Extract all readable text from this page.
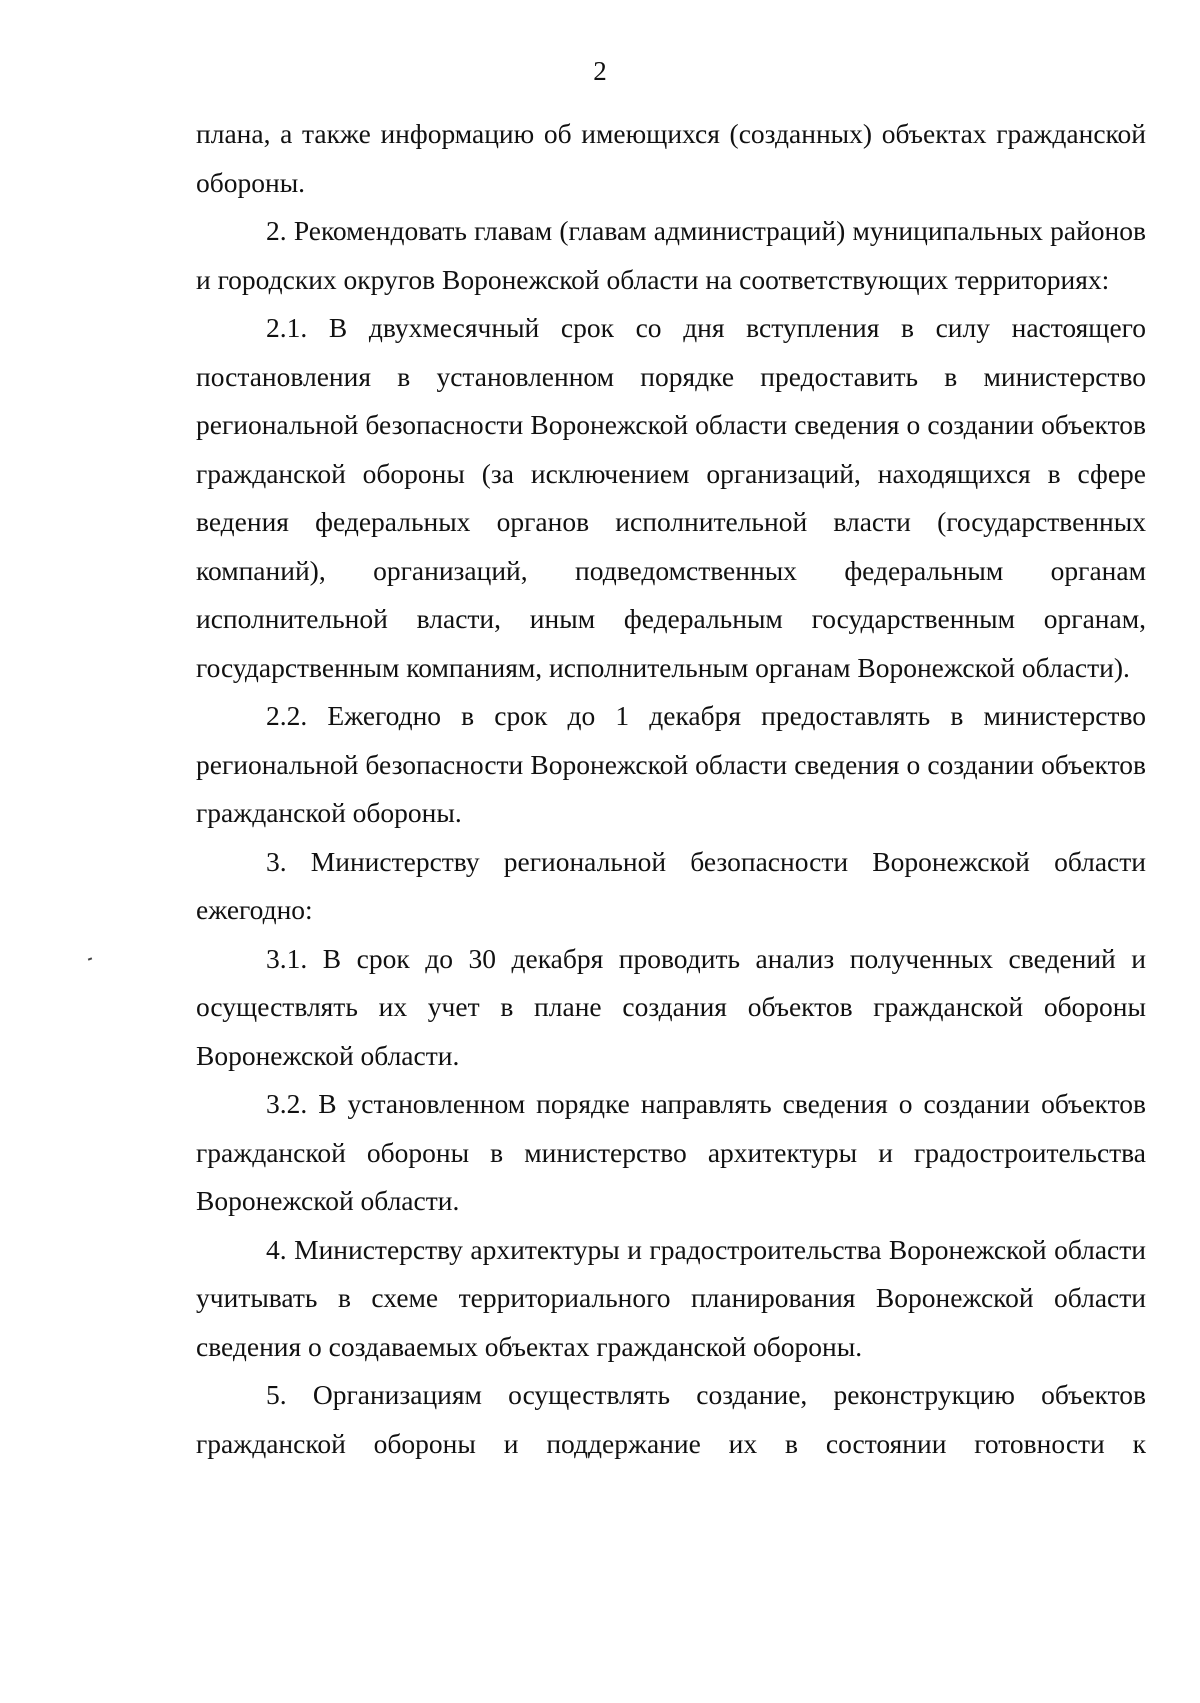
2

плана, а также информацию об имеющихся (созданных) объектах гражданской обороны.

2. Рекомендовать главам (главам администраций) муниципальных районов и городских округов Воронежской области на соответствующих территориях:

2.1. В двухмесячный срок со дня вступления в силу настоящего постановления в установленном порядке предоставить в министерство региональной безопасности Воронежской области сведения о создании объектов гражданской обороны (за исключением организаций, находящихся в сфере ведения федеральных органов исполнительной власти (государственных компаний), организаций, подведомственных федеральным органам исполнительной власти, иным федеральным государственным органам, государственным компаниям, исполнительным органам Воронежской области).

2.2. Ежегодно в срок до 1 декабря предоставлять в министерство региональной безопасности Воронежской области сведения о создании объектов гражданской обороны.

3. Министерству региональной безопасности Воронежской области ежегодно:

3.1. В срок до 30 декабря проводить анализ полученных сведений и осуществлять их учет в плане создания объектов гражданской обороны Воронежской области.

3.2. В установленном порядке направлять сведения о создании объектов гражданской обороны в министерство архитектуры и градостроительства Воронежской области.

4. Министерству архитектуры и градостроительства Воронежской области учитывать в схеме территориального планирования Воронежской области сведения о создаваемых объектах гражданской обороны.

5. Организациям осуществлять создание, реконструкцию объектов гражданской обороны и поддержание их в состоянии готовности к
